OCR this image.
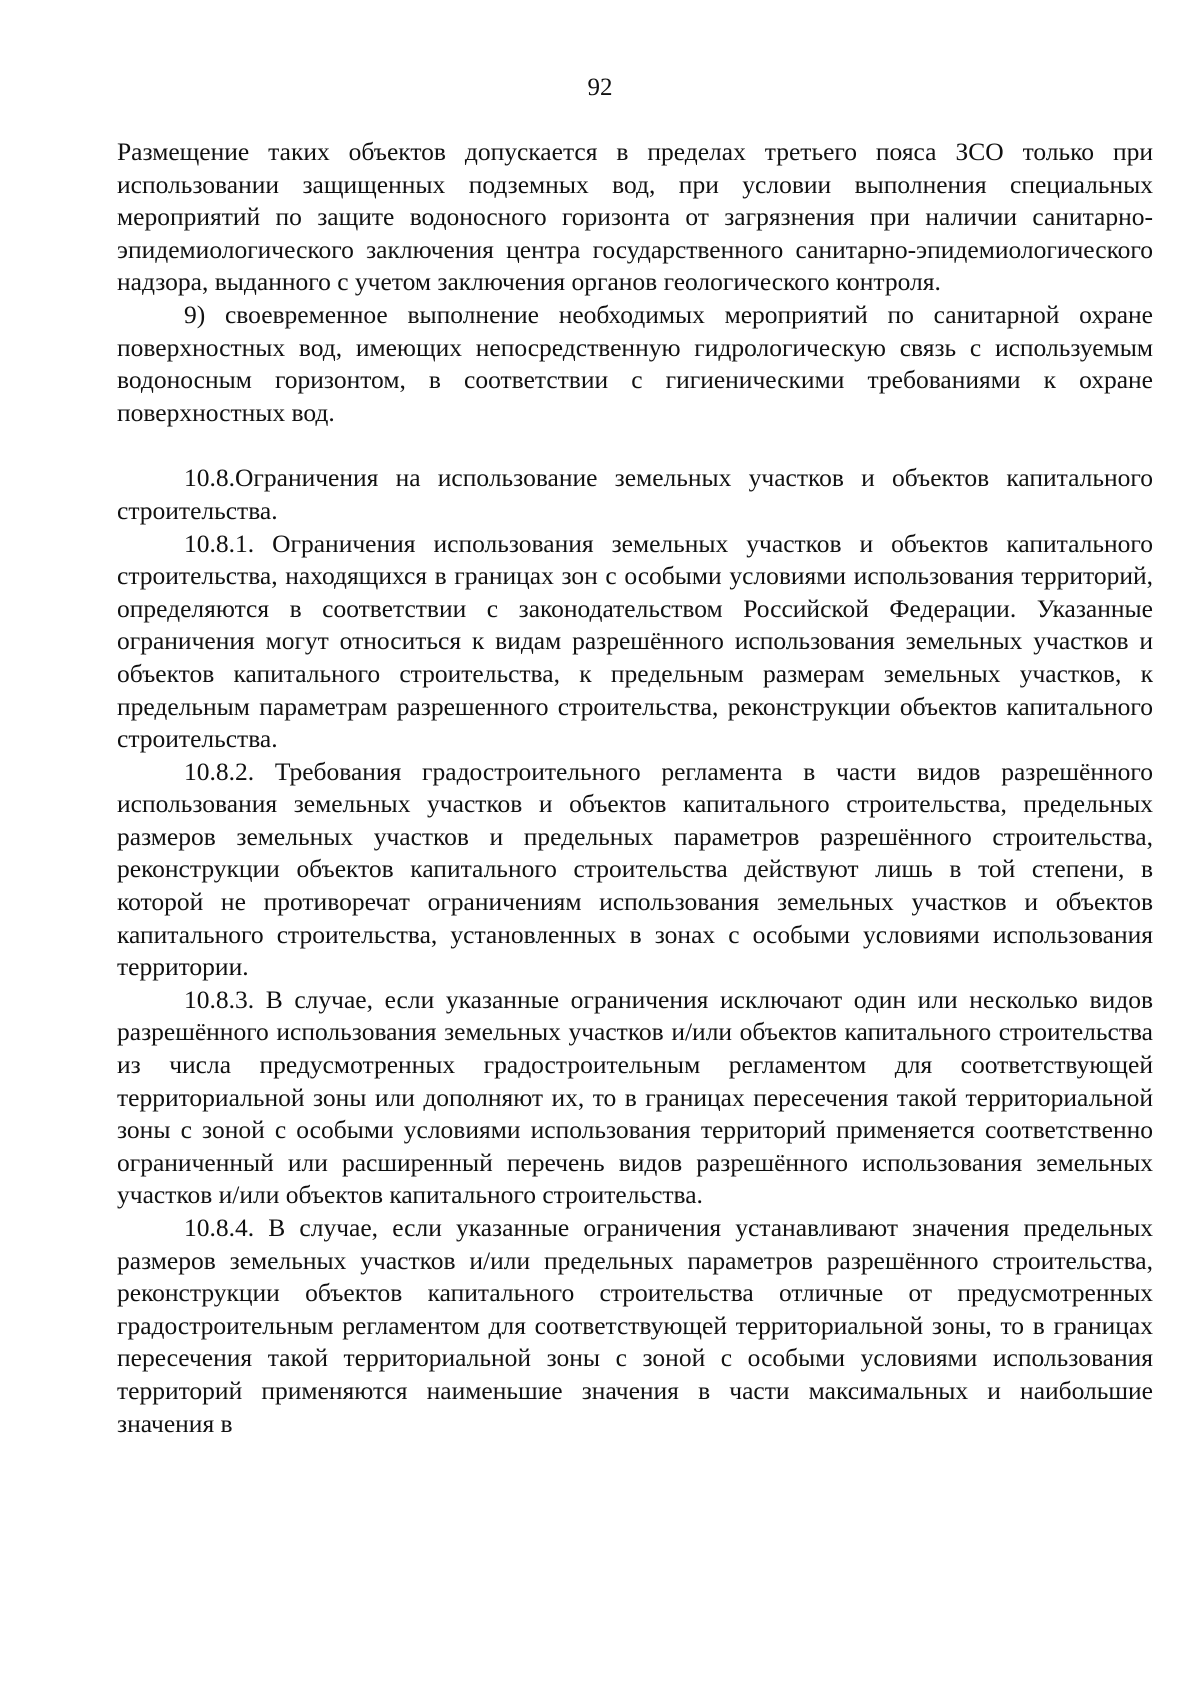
92

Размещение таких объектов допускается в пределах третьего пояса ЗСО только при использовании защищенных подземных вод, при условии выполнения специальных мероприятий по защите водоносного горизонта от загрязнения при наличии санитарно-эпидемиологического заключения центра государственного санитарно-эпидемиологического надзора, выданного с учетом заключения органов геологического контроля.

9) своевременное выполнение необходимых мероприятий по санитарной охране поверхностных вод, имеющих непосредственную гидрологическую связь с используемым водоносным горизонтом, в соответствии с гигиеническими требованиями к охране поверхностных вод.

10.8.Ограничения на использование земельных участков и объектов капитального строительства.

10.8.1. Ограничения использования земельных участков и объектов капитального строительства, находящихся в границах зон с особыми условиями использования территорий, определяются в соответствии с законодательством Российской Федерации. Указанные ограничения могут относиться к видам разрешённого использования земельных участков и объектов капитального строительства, к предельным размерам земельных участков, к предельным параметрам разрешенного строительства, реконструкции объектов капитального строительства.

10.8.2. Требования градостроительного регламента в части видов разрешённого использования земельных участков и объектов капитального строительства, предельных размеров земельных участков и предельных параметров разрешённого строительства, реконструкции объектов капитального строительства действуют лишь в той степени, в которой не противоречат ограничениям использования земельных участков и объектов капитального строительства, установленных в зонах с особыми условиями использования территории.

10.8.3. В случае, если указанные ограничения исключают один или несколько видов разрешённого использования земельных участков и/или объектов капитального строительства из числа предусмотренных градостроительным регламентом для соответствующей территориальной зоны или дополняют их, то в границах пересечения такой территориальной зоны с зоной с особыми условиями использования территорий применяется соответственно ограниченный или расширенный перечень видов разрешённого использования земельных участков и/или объектов капитального строительства.

10.8.4. В случае, если указанные ограничения устанавливают значения предельных размеров земельных участков и/или предельных параметров разрешённого строительства, реконструкции объектов капитального строительства отличные от предусмотренных градостроительным регламентом для соответствующей территориальной зоны, то в границах пересечения такой территориальной зоны с зоной с особыми условиями использования территорий применяются наименьшие значения в части максимальных и наибольшие значения в
